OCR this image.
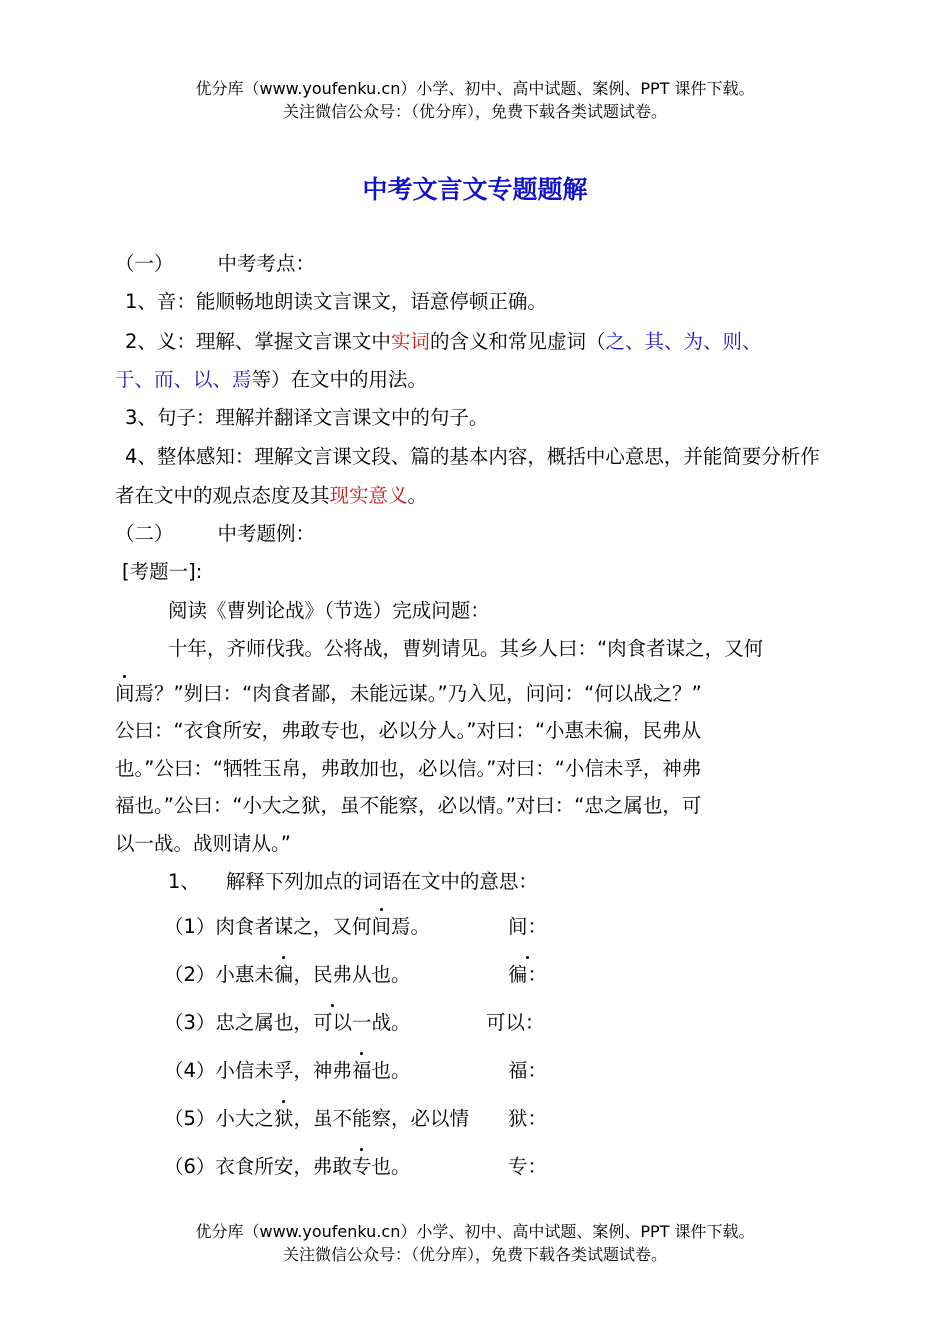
优分库（www.youfenku.cn）小学、初中、高中试题、案例、PPT 课件下载。
关注微信公众号：（优分库），免费下载各类试题试卷。
中考文言文专题题解
（一） 中考考点：
1、音：能顺畅地朗读文言课文，语意停顿正确。
2、义：理解、掌握文言课文中实词的含义和常见虚词（之、其、为、则、
于、而、以、焉等）在文中的用法。
3、句子：理解并翻译文言课文中的句子。
4、整体感知：理解文言课文段、篇的基本内容，概括中心意思，并能简要分析作
者在文中的观点态度及其现实意义。
（二） 中考题例：
[考题一]:
阅读《曹刿论战》（节选）完成问题：
十年，齐师伐我。公将战，曹刿请见。其乡人曰：“肉食者谋之，又何
间焉？”刿曰：“肉食者鄙，未能远谋。”乃入见，问问：“何以战之？”
公曰：“衣食所安，弗敢专也，必以分人。”对曰：“小惠未徧，民弗从
也。”公曰：“牺牲玉帛，弗敢加也，必以信。”对曰：“小信未孚，神弗
福也。”公曰：“小大之狱，虽不能察，必以情。”对曰：“忠之属也，可
以一战。战则请从。”
1、 解释下列加点的词语在文中的意思：
（1）肉食者谋之，又何间焉。	间：
（2）小惠未徧，民弗从也。	徧：
（3）忠之属也，可以一战。	可以：
（4）小信未孚，神弗福也。	福：
（5）小大之狱，虽不能察，必以情 狱：
（6）衣食所安，弗敢专也。	专：
优分库（www.youfenku.cn）小学、初中、高中试题、案例、PPT 课件下载。
关注微信公众号：（优分库），免费下载各类试题试卷。
